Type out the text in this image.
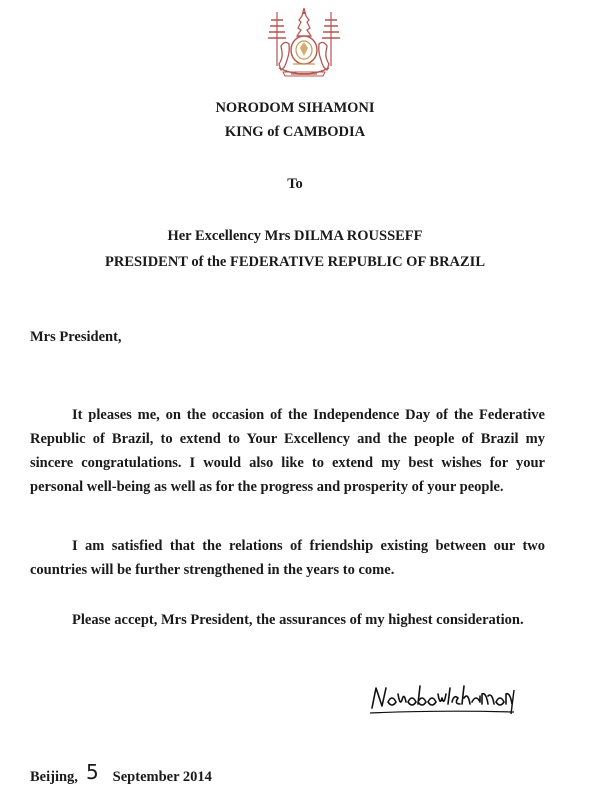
NORODOM SIHAMONI
KING of CAMBODIA
To
Her Excellency Mrs DILMA ROUSSEFF
PRESIDENT of the FEDERATIVE REPUBLIC OF BRAZIL
Mrs President,
It pleases me, on the occasion of the Independence Day of the Federative Republic of Brazil, to extend to Your Excellency and the people of Brazil my sincere congratulations. I would also like to extend my best wishes for your personal well-being as well as for the progress and prosperity of your people.
I am satisfied that the relations of friendship existing between our two countries will be further strengthened in the years to come.
Please accept, Mrs President, the assurances of my highest consideration.
Beijing, 5 September 2014
